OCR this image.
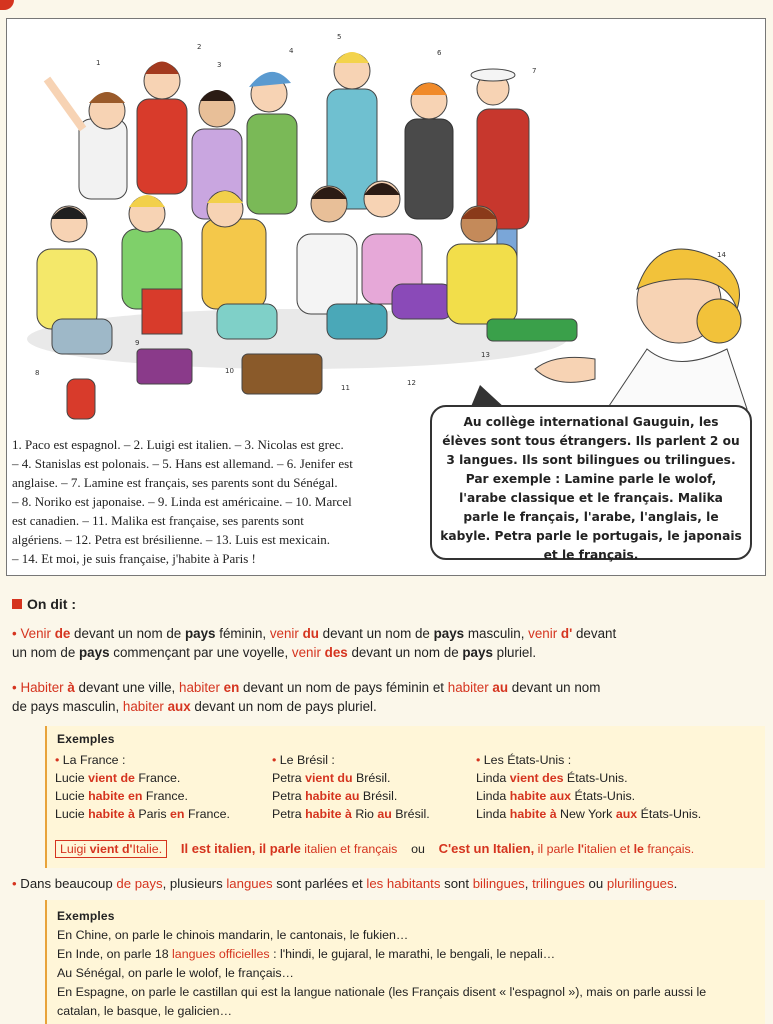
1
2
3
4
5
6
7
8
9
10
11
12
13
14
1. Paco est espagnol. – 2. Luigi est italien. – 3. Nicolas est grec.
– 4. Stanislas est polonais. – 5. Hans est allemand. – 6. Jenifer est
anglaise. – 7. Lamine est français, ses parents sont du Sénégal.
– 8. Noriko est japonaise. – 9. Linda est américaine. – 10. Marcel
est canadien. – 11. Malika est française, ses parents sont
algériens. – 12. Petra est brésilienne. – 13. Luis est mexicain.
– 14. Et moi, je suis française, j'habite à Paris !
Au collège international Gauguin, les élèves sont tous étrangers. Ils parlent 2 ou 3 langues. Ils sont bilingues ou trilingues. Par exemple : Lamine parle le wolof, l'arabe classique et le français. Malika parle le français, l'arabe, l'anglais, le kabyle. Petra parle le portugais, le japonais et le français.
On dit :
• Venir de devant un nom de pays féminin, venir du devant un nom de pays masculin, venir d' devant
un nom de pays commençant par une voyelle, venir des devant un nom de pays pluriel.
• Habiter à devant une ville, habiter en devant un nom de pays féminin et habiter au devant un nom
de pays masculin, habiter aux devant un nom de pays pluriel.
Exemples
• La France :
Lucie vient de France.
Lucie habite en France.
Lucie habite à Paris en France.
• Le Brésil :
Petra vient du Brésil.
Petra habite au Brésil.
Petra habite à Rio au Brésil.
• Les États-Unis :
Linda vient des États-Unis.
Linda habite aux États-Unis.
Linda habite à New York aux États-Unis.
Luigi vient d'Italie. Il est italien, il parle italien et français ou C'est un Italien, il parle l'italien et le français.
• Dans beaucoup de pays, plusieurs langues sont parlées et les habitants sont bilingues, trilingues ou plurilingues.
Exemples
En Chine, on parle le chinois mandarin, le cantonais, le fukien…
En Inde, on parle 18 langues officielles : l'hindi, le gujaral, le marathi, le bengali, le nepali…
Au Sénégal, on parle le wolof, le français…
En Espagne, on parle le castillan qui est la langue nationale (les Français disent « l'espagnol »), mais on parle aussi le
catalan, le basque, le galicien…
